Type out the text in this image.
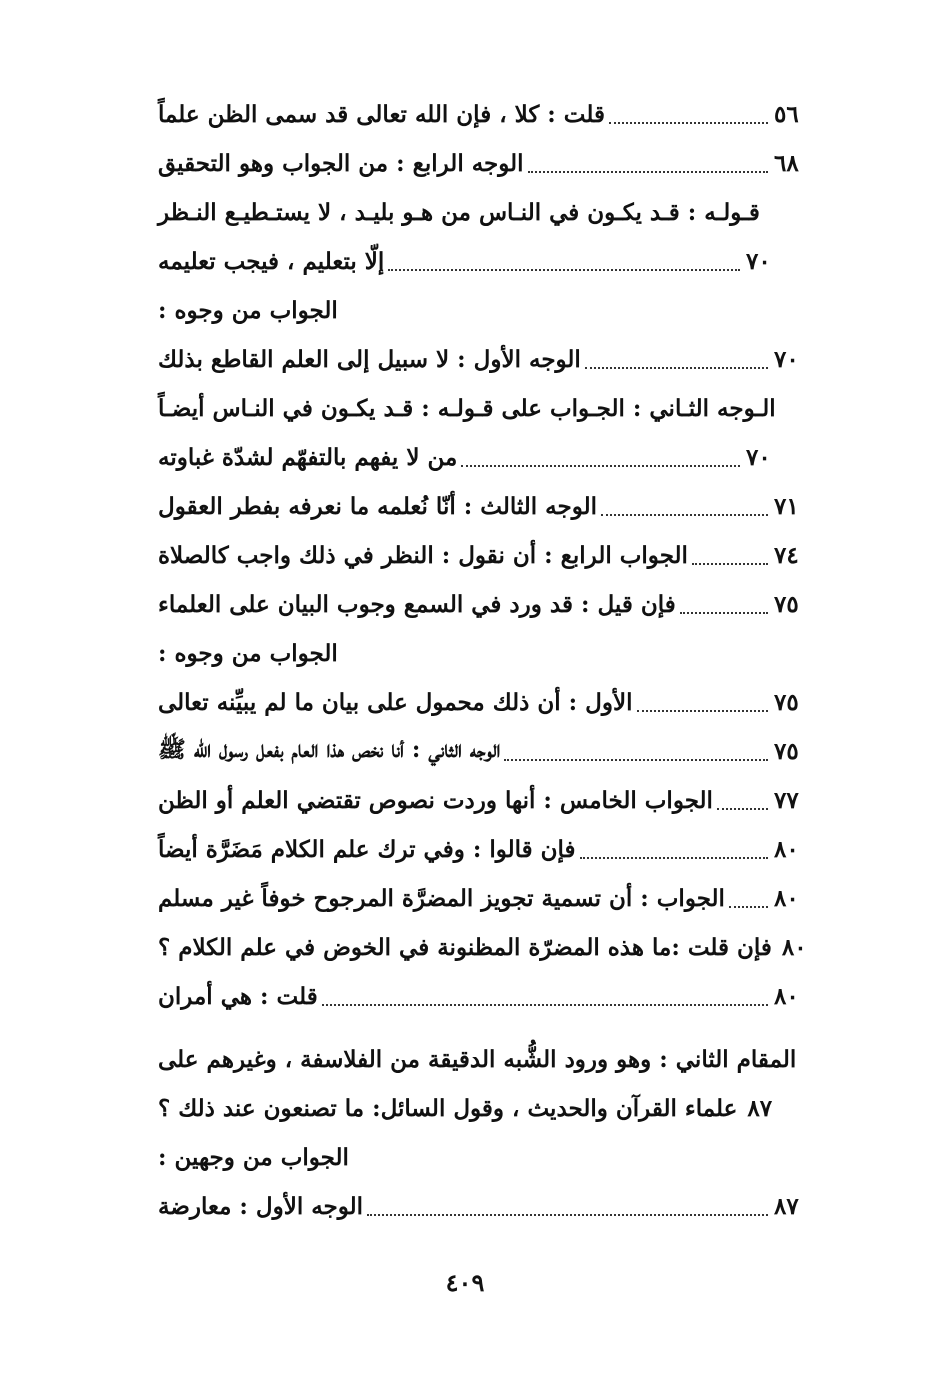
قلت : كلا ، فإن الله تعالى قد سمى الظن علماً	٥٦
الوجه الرابع : من الجواب وهو التحقيق	٦٨
قـولـه : قـد يكـون في النـاس من هـو بليـد ، لا يستـطيـع النـظر
إلّا بتعليم ، فيجب تعليمه	٧٠
الجواب من وجوه :
الوجه الأول : لا سبيل إلى العلم القاطع بذلك	٧٠
الـوجه الثـاني : الجـواب على قـولـه : قـد يكـون في النـاس أيضـاً
من لا يفهم بالتفهّم لشدّة غباوته	٧٠
الوجه الثالث : أنّا نُعلمه ما نعرفه بفطر العقول	٧١
الجواب الرابع : أن نقول : النظر في ذلك واجب كالصلاة	٧٤
فإن قيل : قد ورد في السمع وجوب البيان على العلماء	٧٥
الجواب من وجوه :
الأول : أن ذلك محمول على بيان ما لم يبيِّنه تعالى	٧٥
الوجه الثاني : أنا نخص هذا العام بفعل رسول الله ﷺ	٧٥
الجواب الخامس : أنها وردت نصوص تقتضي العلم أو الظن	٧٧
فإن قالوا : وفي ترك علم الكلام مَضَرَّة أيضاً	٨٠
الجواب : أن تسمية تجويز المضرَّة المرجوح خوفاً غير مسلم ٨٠
فإن قلت :ما هذه المضرّة المظنونة في الخوض في علم الكلام ؟ ٨٠
قلت : هي أمران	٨٠
المقام الثاني : وهو ورود الشُّبه الدقيقة من الفلاسفة ، وغيرهم على
علماء القرآن والحديث ، وقول السائل: ما تصنعون عند ذلك ؟ ٨٧
الجواب من وجهين :
الوجه الأول : معارضة	٨٧
٤٠٩
